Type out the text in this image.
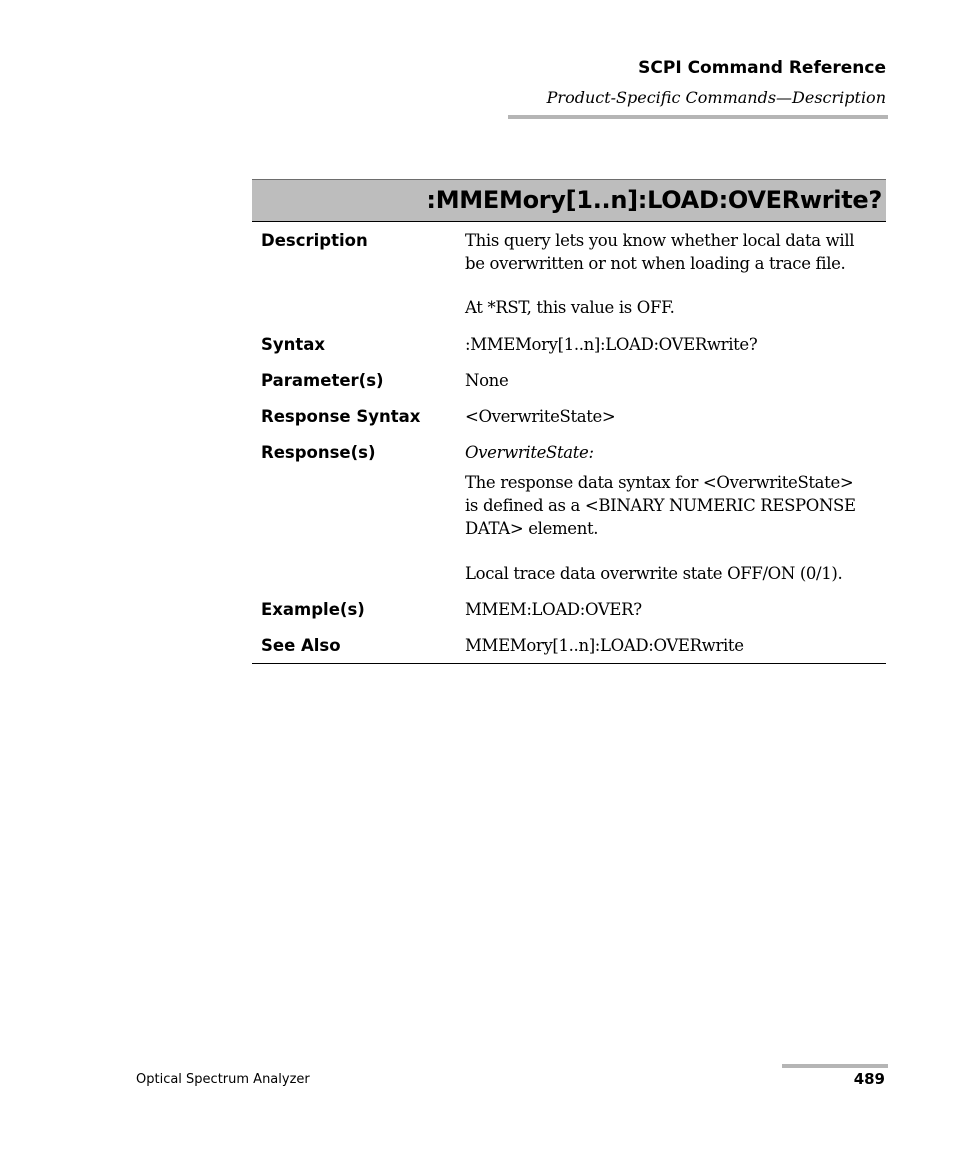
SCPI Command Reference
Product-Specific Commands—Description
:MMEMory[1..n]:LOAD:OVERwrite?
Description	This query lets you know whether local data will
be overwritten or not when loading a trace file.
At *RST, this value is OFF.
Syntax	:MMEMory[1..n]:LOAD:OVERwrite?
Parameter(s)	None
Response Syntax	<OverwriteState>
Response(s)	OverwriteState:
The response data syntax for <OverwriteState>
is defined as a <BINARY NUMERIC RESPONSE
DATA> element.
Local trace data overwrite state OFF/ON (0/1).
Example(s)	MMEM:LOAD:OVER?
See Also	MMEMory[1..n]:LOAD:OVERwrite
Optical Spectrum Analyzer	489
